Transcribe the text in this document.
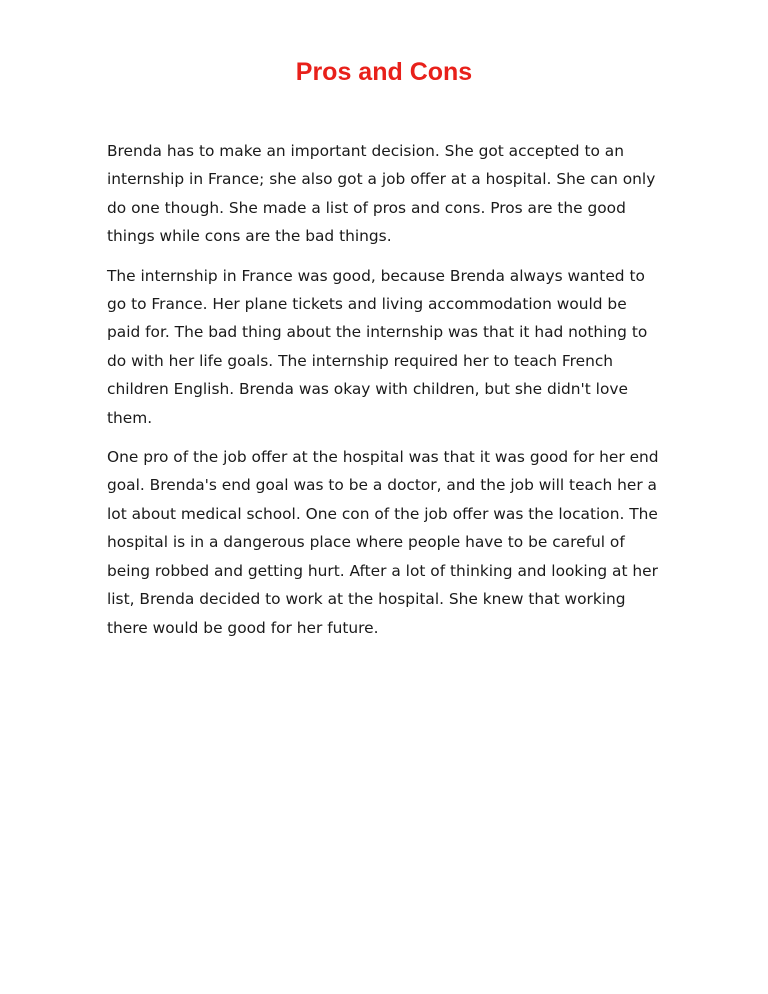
Pros and Cons

Brenda has to make an important decision. She got accepted to an internship in France; she also got a job offer at a hospital. She can only do one though. She made a list of pros and cons. Pros are the good things while cons are the bad things.

The internship in France was good, because Brenda always wanted to go to France. Her plane tickets and living accommodation would be paid for. The bad thing about the internship was that it had nothing to do with her life goals. The internship required her to teach French children English. Brenda was okay with children, but she didn't love them.

One pro of the job offer at the hospital was that it was good for her end goal. Brenda's end goal was to be a doctor, and the job will teach her a lot about medical school. One con of the job offer was the location. The hospital is in a dangerous place where people have to be careful of being robbed and getting hurt. After a lot of thinking and looking at her list, Brenda decided to work at the hospital. She knew that working there would be good for her future.
